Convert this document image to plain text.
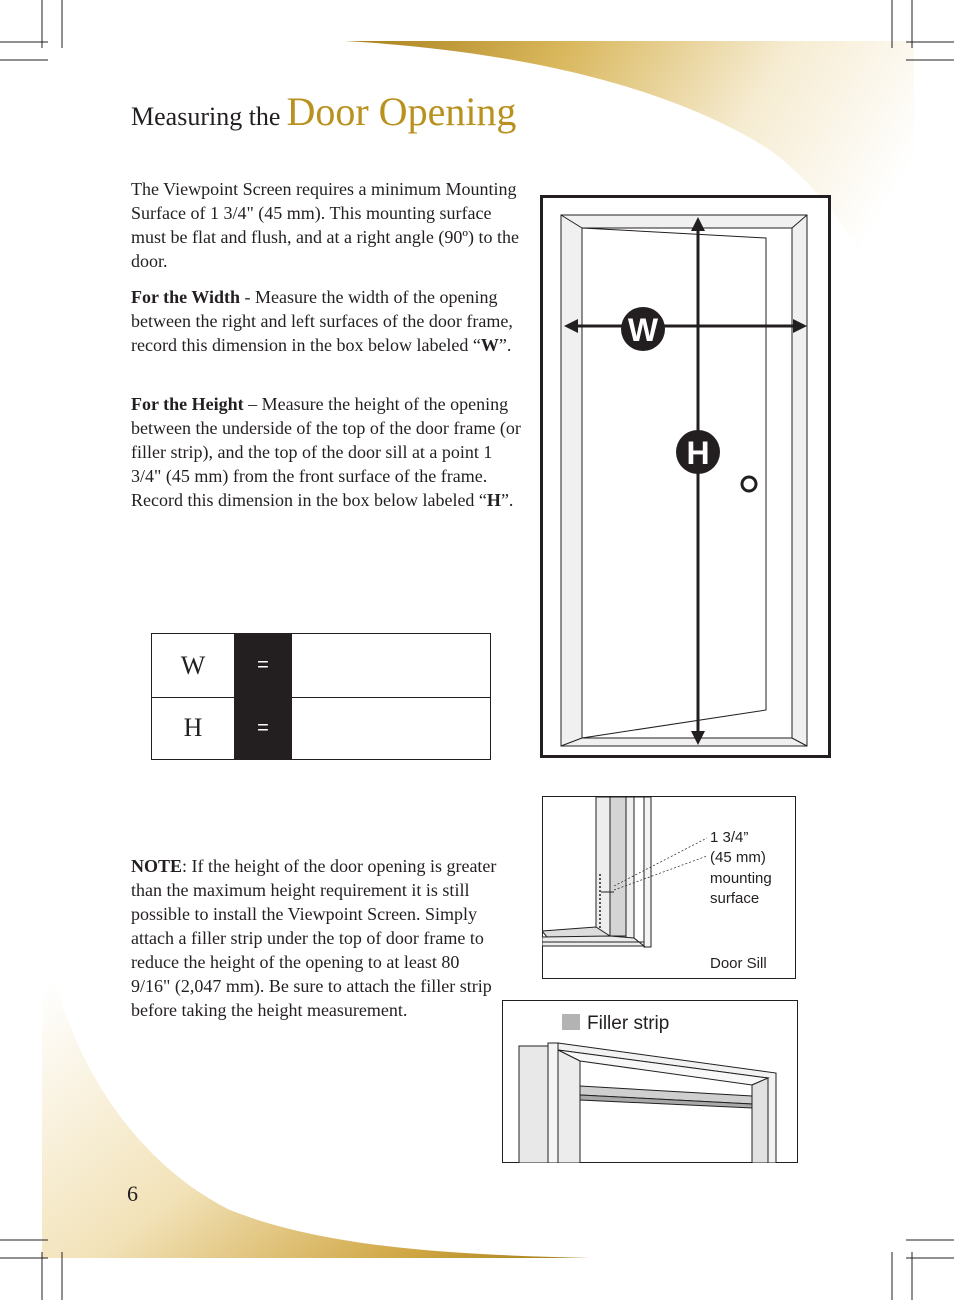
Measuring the Door Opening

The Viewpoint Screen requires a minimum Mounting Surface of 1 3/4" (45 mm). This mounting surface must be flat and flush, and at a right angle (90º) to the door.

For the Width - Measure the width of the opening between the right and left surfaces of the door frame, record this dimension in the box below labeled “W”.

For the Height – Measure the height of the opening between the underside of the top of the door frame (or filler strip), and the top of the door sill at a point 1 3/4" (45 mm) from the front surface of the frame. Record this dimension in the box below labeled “H”.

W	=
H	=
W
H
1 3/4”
(45 mm)
mounting
surface
Door Sill
Filler strip

NOTE: If the height of the door opening is greater than the maximum height requirement it is still possible to install the Viewpoint Screen. Simply attach a filler strip under the top of door frame to reduce the height of the opening to at least 80 9/16" (2,047 mm). Be sure to attach the filler strip before taking the height measurement.

6
